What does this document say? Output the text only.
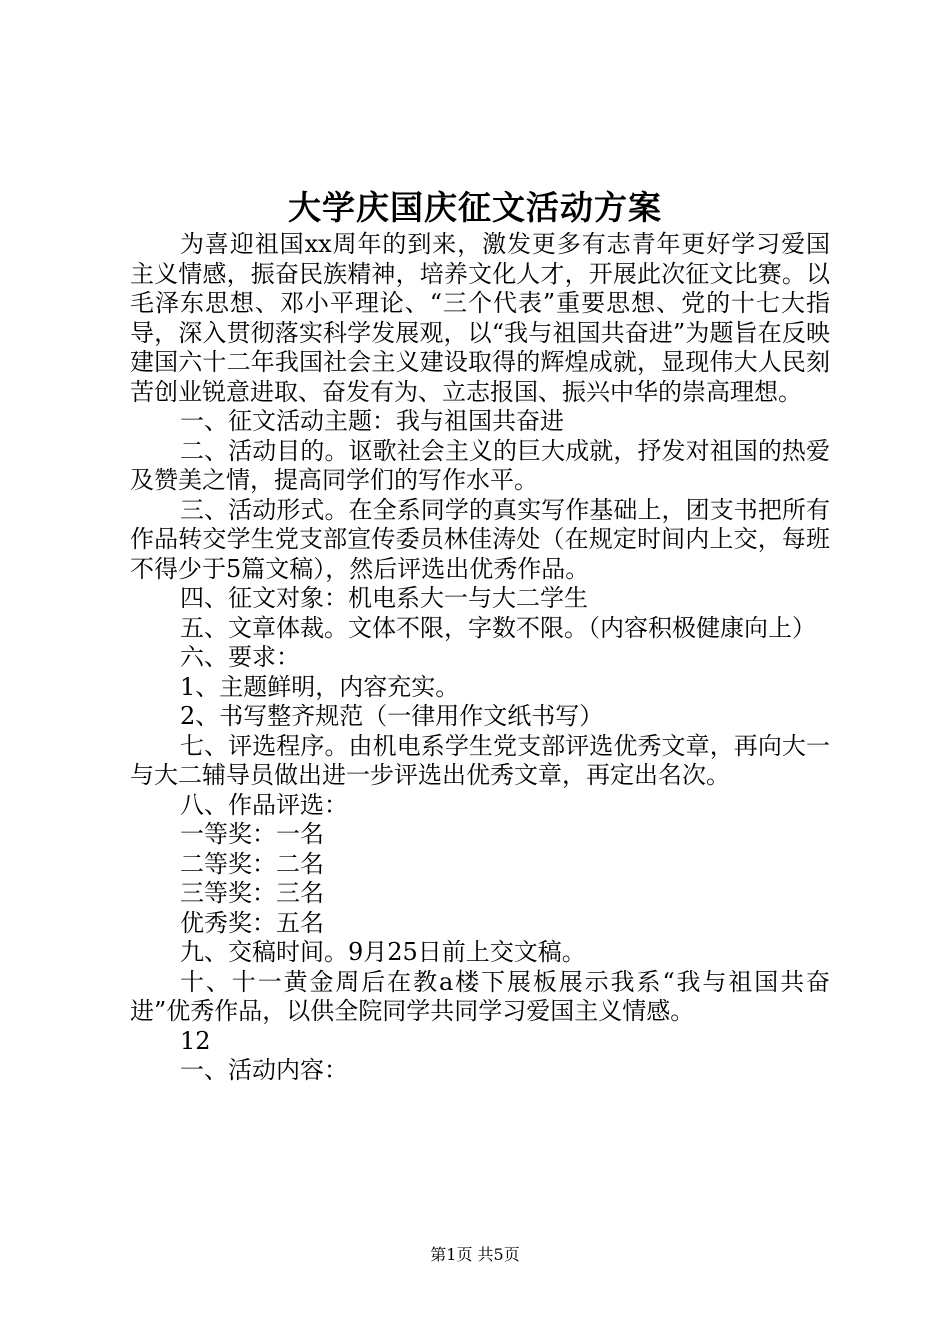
大学庆国庆征文活动方案

为喜迎祖国xx周年的到来，激发更多有志青年更好学习爱国主义情感，振奋民族精神，培养文化人才，开展此次征文比赛。以毛泽东思想、邓小平理论、“三个代表”重要思想、党的十七大指导，深入贯彻落实科学发展观，以“我与祖国共奋进”为题旨在反映建国六十二年我国社会主义建设取得的辉煌成就，显现伟大人民刻苦创业锐意进取、奋发有为、立志报国、振兴中华的崇高理想。

一、征文活动主题：我与祖国共奋进

二、活动目的。讴歌社会主义的巨大成就，抒发对祖国的热爱及赞美之情，提高同学们的写作水平。

三、活动形式。在全系同学的真实写作基础上，团支书把所有作品转交学生党支部宣传委员林佳涛处（在规定时间内上交，每班不得少于5篇文稿），然后评选出优秀作品。

四、征文对象：机电系大一与大二学生

五、文章体裁。文体不限，字数不限。（内容积极健康向上）

六、要求：

1、主题鲜明，内容充实。

2、书写整齐规范（一律用作文纸书写）

七、评选程序。由机电系学生党支部评选优秀文章，再向大一与大二辅导员做出进一步评选出优秀文章，再定出名次。

八、作品评选：

一等奖：一名

二等奖：二名

三等奖：三名

优秀奖：五名

九、交稿时间。9月25日前上交文稿。

十、十一黄金周后在教a楼下展板展示我系“我与祖国共奋进”优秀作品，以供全院同学共同学习爱国主义情感。

12

一、活动内容：

第1页 共5页
